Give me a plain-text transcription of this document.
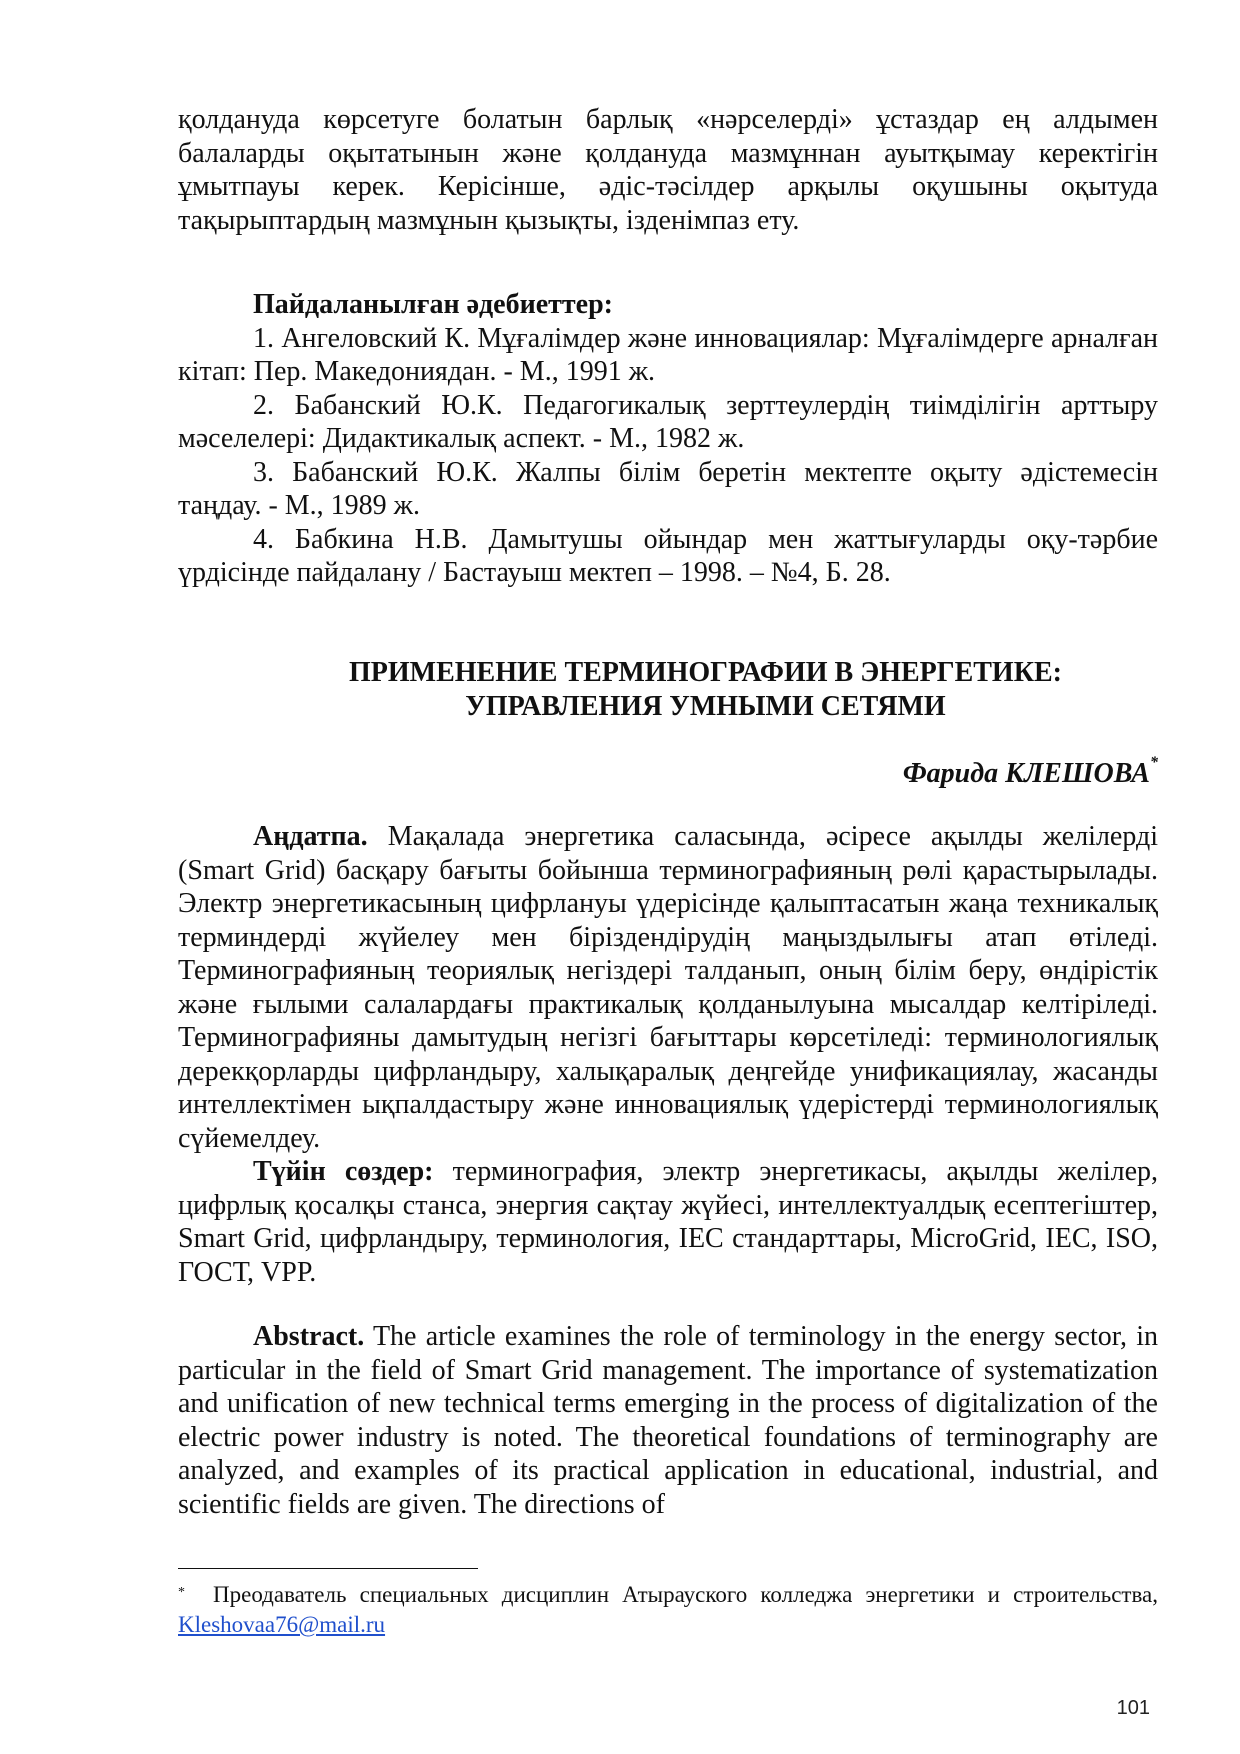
қолдануда көрсетуге болатын барлық «нәрселерді» ұстаздар ең алдымен балаларды оқытатынын және қолдануда мазмұннан ауытқымау керектігін ұмытпауы керек. Керісінше, әдіс-тәсілдер арқылы оқушыны оқытуда тақырыптардың мазмұнын қызықты, ізденімпаз ету.

Пайдаланылған әдебиеттер:

1. Ангеловский К. Мұғалімдер және инновациялар: Мұғалімдерге арналған кітап: Пер. Македониядан. - М., 1991 ж.

2. Бабанский Ю.К. Педагогикалық зерттеулердің тиімділігін арттыру мәселелері: Дидактикалық аспект. - М., 1982 ж.

3. Бабанский Ю.К. Жалпы білім беретін мектепте оқыту әдістемесін таңдау. - М., 1989 ж.

4. Бабкина Н.В. Дамытушы ойындар мен жаттығуларды оқу-тәрбие үрдісінде пайдалану / Бастауыш мектеп – 1998. – №4, Б. 28.

ПРИМЕНЕНИЕ ТЕРМИНОГРАФИИ В ЭНЕРГЕТИКЕ:
УПРАВЛЕНИЯ УМНЫМИ СЕТЯМИ
Фарида КЛЕШОВА*

Аңдатпа. Мақалада энергетика саласында, әсіресе ақылды желілерді (Smart Grid) басқару бағыты бойынша терминографияның рөлі қарастырылады. Электр энергетикасының цифрлануы үдерісінде қалыптасатын жаңа техникалық терминдерді жүйелеу мен біріздендірудің маңыздылығы атап өтіледі. Терминографияның теориялық негіздері талданып, оның білім беру, өндірістік және ғылыми салалардағы практикалық қолданылуына мысалдар келтіріледі. Терминографияны дамытудың негізгі бағыттары көрсетіледі: терминологиялық дерекқорларды цифрландыру, халықаралық деңгейде унификациялау, жасанды интеллектімен ықпалдастыру және инновациялық үдерістерді терминологиялық сүйемелдеу.

Түйін сөздер: терминография, электр энергетикасы, ақылды желілер, цифрлық қосалқы станса, энергия сақтау жүйесі, интеллектуалдық есептегіштер, Smart Grid, цифрландыру, терминология, IEC стандарттары, MicroGrid, IEC, ISO, ГОСТ, VPP.

Abstract. The article examines the role of terminology in the energy sector, in particular in the field of Smart Grid management. The importance of systematization and unification of new technical terms emerging in the process of digitalization of the electric power industry is noted. The theoretical foundations of terminography are analyzed, and examples of its practical application in educational, industrial, and scientific fields are given. The directions of

* Преодаватель специальных дисциплин Атырауского колледжа энергетики и строительства, Kleshovaa76@mail.ru
101
